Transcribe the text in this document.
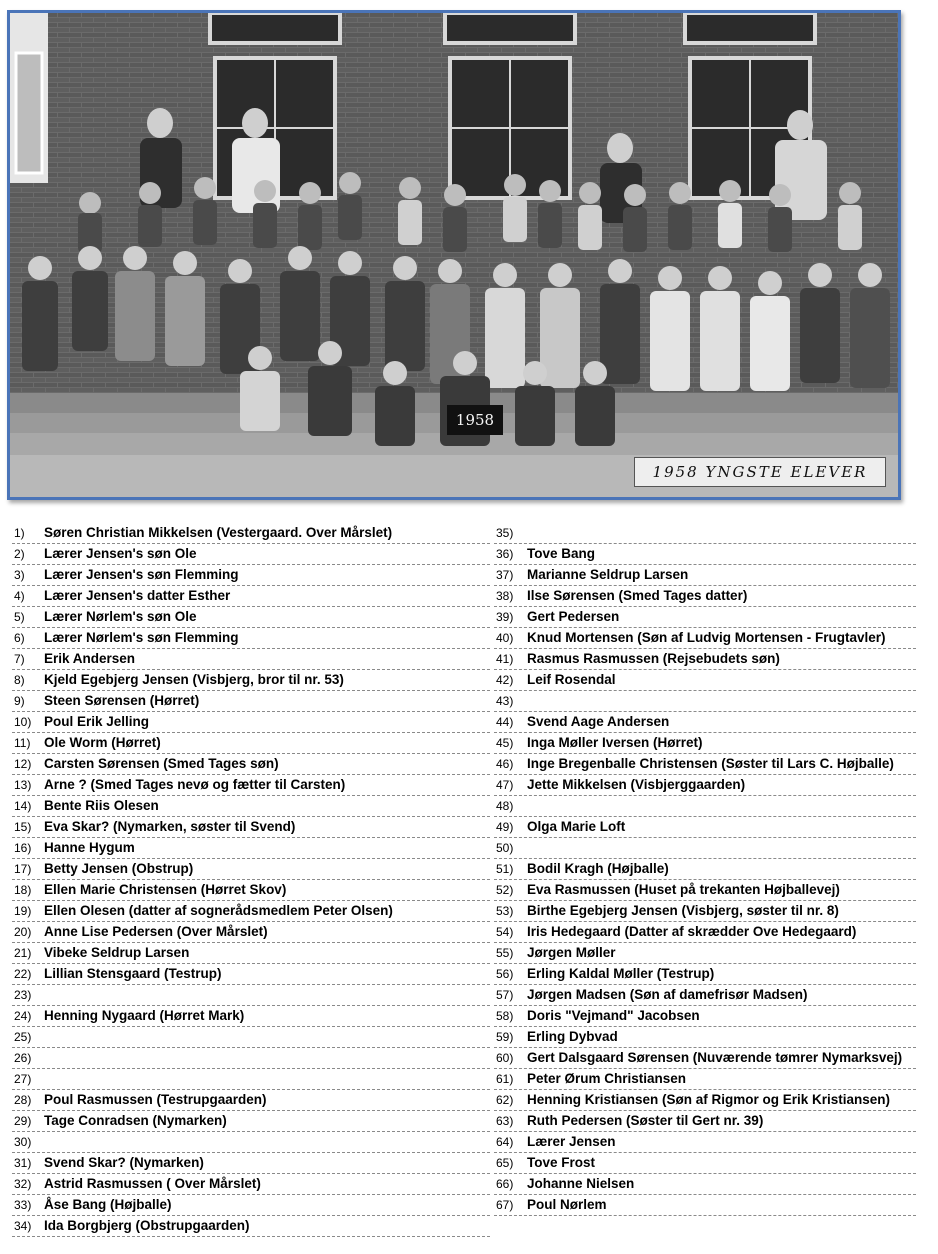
1958
1958 YNGSTE ELEVER
1) Søren Christian Mikkelsen (Vestergaard. Over Mårslet)
2) Lærer Jensen's søn Ole
3) Lærer Jensen's søn Flemming
4) Lærer Jensen's datter Esther
5) Lærer Nørlem's søn Ole
6) Lærer Nørlem's søn Flemming
7) Erik Andersen
8) Kjeld Egebjerg Jensen (Visbjerg, bror til nr. 53)
9) Steen Sørensen (Hørret)
10) Poul Erik Jelling
11) Ole Worm (Hørret)
12) Carsten Sørensen (Smed Tages søn)
13) Arne ? (Smed Tages nevø og fætter til Carsten)
14) Bente Riis Olesen
15) Eva Skar? (Nymarken, søster til Svend)
16) Hanne Hygum
17) Betty Jensen (Obstrup)
18) Ellen Marie Christensen (Hørret Skov)
19) Ellen Olesen (datter af sognerådsmedlem Peter Olsen)
20) Anne Lise Pedersen (Over Mårslet)
21) Vibeke Seldrup Larsen
22) Lillian Stensgaard (Testrup)
23)
24) Henning Nygaard (Hørret Mark)
25)
26)
27)
28) Poul Rasmussen (Testrupgaarden)
29) Tage Conradsen (Nymarken)
30)
31) Svend Skar? (Nymarken)
32) Astrid Rasmussen ( Over Mårslet)
33) Åse Bang (Højballe)
34) Ida Borgbjerg (Obstrupgaarden)
35)
36) Tove Bang
37) Marianne Seldrup Larsen
38) Ilse Sørensen (Smed Tages datter)
39) Gert Pedersen
40) Knud Mortensen (Søn af Ludvig Mortensen - Frugtavler)
41) Rasmus Rasmussen (Rejsebudets søn)
42) Leif Rosendal
43)
44) Svend Aage Andersen
45) Inga Møller Iversen (Hørret)
46) Inge Bregenballe Christensen (Søster til Lars C. Højballe)
47) Jette Mikkelsen (Visbjerggaarden)
48)
49) Olga Marie Loft
50)
51) Bodil Kragh (Højballe)
52) Eva Rasmussen (Huset på trekanten Højballevej)
53) Birthe Egebjerg Jensen (Visbjerg, søster til nr. 8)
54) Iris Hedegaard (Datter af skrædder Ove Hedegaard)
55) Jørgen Møller
56) Erling Kaldal Møller (Testrup)
57) Jørgen Madsen (Søn af damefrisør Madsen)
58) Doris "Vejmand" Jacobsen
59) Erling Dybvad
60) Gert Dalsgaard Sørensen (Nuværende tømrer Nymarksvej)
61) Peter Ørum Christiansen
62) Henning Kristiansen (Søn af Rigmor og Erik Kristiansen)
63) Ruth Pedersen (Søster til Gert nr. 39)
64) Lærer Jensen
65) Tove Frost
66) Johanne Nielsen
67) Poul Nørlem
